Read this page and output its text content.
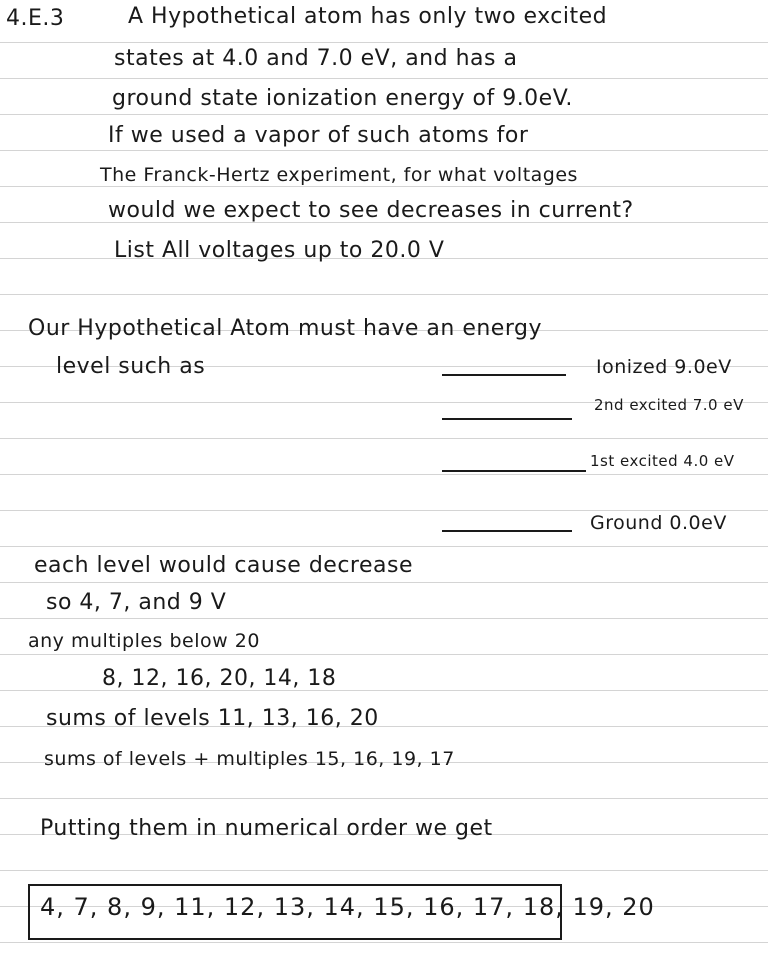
4.E.3	A Hypothetical atom has only two excited
states at 4.0 and 7.0 eV, and has a
ground state ionization energy of 9.0eV.
If we used a vapor of such atoms for
The Franck-Hertz experiment, for what voltages
would we expect to see decreases in current?
List All voltages up to 20.0 V
Our Hypothetical Atom must have an energy
level such as	Ionized 9.0eV
2nd excited 7.0 eV
1st excited 4.0 eV
Ground 0.0eV
each level would cause decrease
so 4, 7, and 9 V
any multiples below 20
8, 12, 16, 20, 14, 18
sums of levels 11, 13, 16, 20
sums of levels + multiples 15, 16, 19, 17
Putting them in numerical order we get
4, 7, 8, 9, 11, 12, 13, 14, 15, 16, 17, 18, 19, 20
